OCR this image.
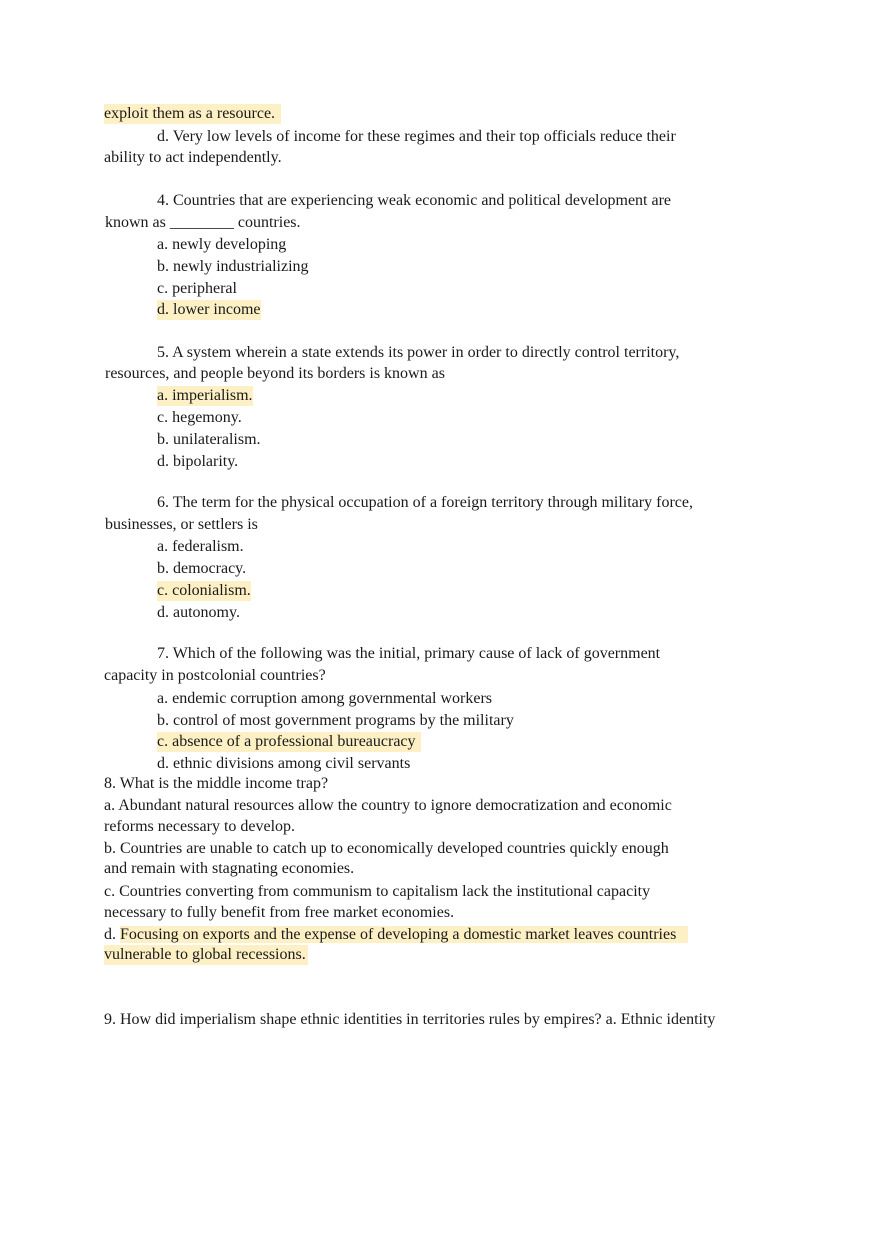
exploit them as a resource.
d. Very low levels of income for these regimes and their top officials reduce their
ability to act independently.
4. Countries that are experiencing weak economic and political development are
known as ________ countries.
a. newly developing
b. newly industrializing
c. peripheral
d. lower income
5. A system wherein a state extends its power in order to directly control territory,
resources, and people beyond its borders is known as
a. imperialism.
c. hegemony.
b. unilateralism.
d. bipolarity.
6. The term for the physical occupation of a foreign territory through military force,
businesses, or settlers is
a. federalism.
b. democracy.
c. colonialism.
d. autonomy.
7. Which of the following was the initial, primary cause of lack of government
capacity in postcolonial countries?
a. endemic corruption among governmental workers
b. control of most government programs by the military
c. absence of a professional bureaucracy
d. ethnic divisions among civil servants
8. What is the middle income trap?
a. Abundant natural resources allow the country to ignore democratization and economic
reforms necessary to develop.
b. Countries are unable to catch up to economically developed countries quickly enough
and remain with stagnating economies.
c. Countries converting from communism to capitalism lack the institutional capacity
necessary to fully benefit from free market economies.
d. Focusing on exports and the expense of developing a domestic market leaves countries
vulnerable to global recessions.
9. How did imperialism shape ethnic identities in territories rules by empires? a. Ethnic identity
